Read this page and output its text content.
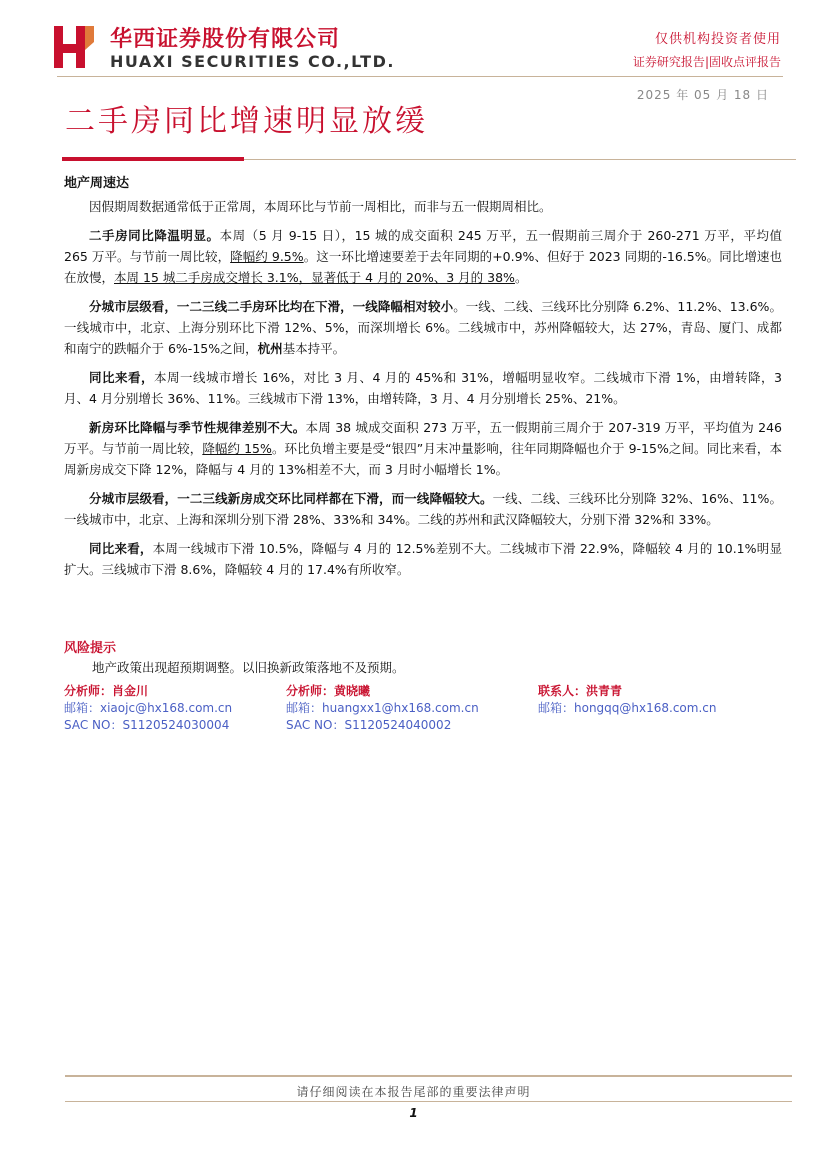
华西证券股份有限公司
HUAXI SECURITIES CO.,LTD.
仅供机构投资者使用
证券研究报告|固收点评报告
2025 年 05 月 18 日
二手房同比增速明显放缓
地产周速达

因假期周数据通常低于正常周，本周环比与节前一周相比，而非与五一假期周相比。

二手房同比降温明显。本周（5 月 9-15 日），15 城的成交面积 245 万平，五一假期前三周介于 260-271 万平，平均值 265 万平。与节前一周比较，降幅约 9.5%。这一环比增速要差于去年同期的+0.9%、但好于 2023 同期的-16.5%。同比增速也在放慢，本周 15 城二手房成交增长 3.1%，显著低于 4 月的 20%、3 月的 38%。

分城市层级看，一二三线二手房环比均在下滑，一线降幅相对较小。一线、二线、三线环比分别降 6.2%、11.2%、13.6%。一线城市中，北京、上海分别环比下滑 12%、5%，而深圳增长 6%。二线城市中，苏州降幅较大，达 27%，青岛、厦门、成都和南宁的跌幅介于 6%-15%之间，杭州基本持平。

同比来看，本周一线城市增长 16%，对比 3 月、4 月的 45%和 31%，增幅明显收窄。二线城市下滑 1%，由增转降，3 月、4 月分别增长 36%、11%。三线城市下滑 13%，由增转降，3 月、4 月分别增长 25%、21%。

新房环比降幅与季节性规律差别不大。本周 38 城成交面积 273 万平，五一假期前三周介于 207-319 万平，平均值为 246 万平。与节前一周比较，降幅约 15%。环比负增主要是受“银四”月末冲量影响，往年同期降幅也介于 9-15%之间。同比来看，本周新房成交下降 12%，降幅与 4 月的 13%相差不大，而 3 月时小幅增长 1%。

分城市层级看，一二三线新房成交环比同样都在下滑，而一线降幅较大。一线、二线、三线环比分别降 32%、16%、11%。一线城市中，北京、上海和深圳分别下滑 28%、33%和 34%。二线的苏州和武汉降幅较大，分别下滑 32%和 33%。

同比来看，本周一线城市下滑 10.5%，降幅与 4 月的 12.5%差别不大。二线城市下滑 22.9%，降幅较 4 月的 10.1%明显扩大。三线城市下滑 8.6%，降幅较 4 月的 17.4%有所收窄。

风险提示
地产政策出现超预期调整。以旧换新政策落地不及预期。
分析师：肖金川
邮箱：xiaojc@hx168.com.cn
SAC NO：S1120524030004
分析师：黄晓曦
邮箱：huangxx1@hx168.com.cn
SAC NO：S1120524040002
联系人：洪青青
邮箱：hongqq@hx168.com.cn
请仔细阅读在本报告尾部的重要法律声明
1
